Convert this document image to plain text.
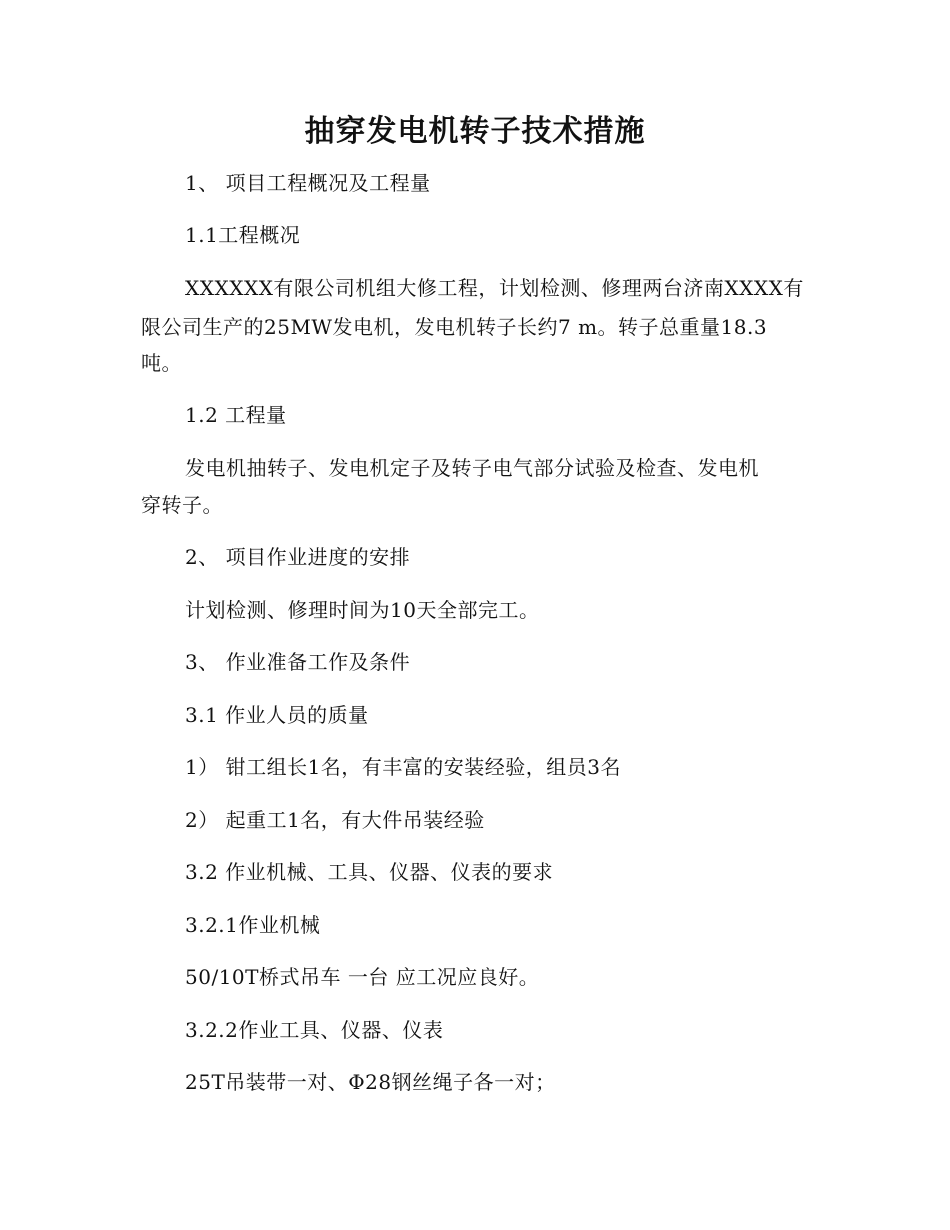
抽穿发电机转子技术措施
1、 项目工程概况及工程量
1.1工程概况
XXXXXX有限公司机组大修工程，计划检测、修理两台济南XXXX有
限公司生产的25MW发电机，发电机转子长约7 m。转子总重量18.3
吨。
1.2 工程量
发电机抽转子、发电机定子及转子电气部分试验及检查、发电机
穿转子。
2、 项目作业进度的安排
计划检测、修理时间为10天全部完工。
3、 作业准备工作及条件
3.1 作业人员的质量
1） 钳工组长1名，有丰富的安装经验，组员3名
2） 起重工1名，有大件吊装经验
3.2 作业机械、工具、仪器、仪表的要求
3.2.1作业机械
50/10T桥式吊车 一台 应工况应良好。
3.2.2作业工具、仪器、仪表
25T吊装带一对、Φ28钢丝绳子各一对；
